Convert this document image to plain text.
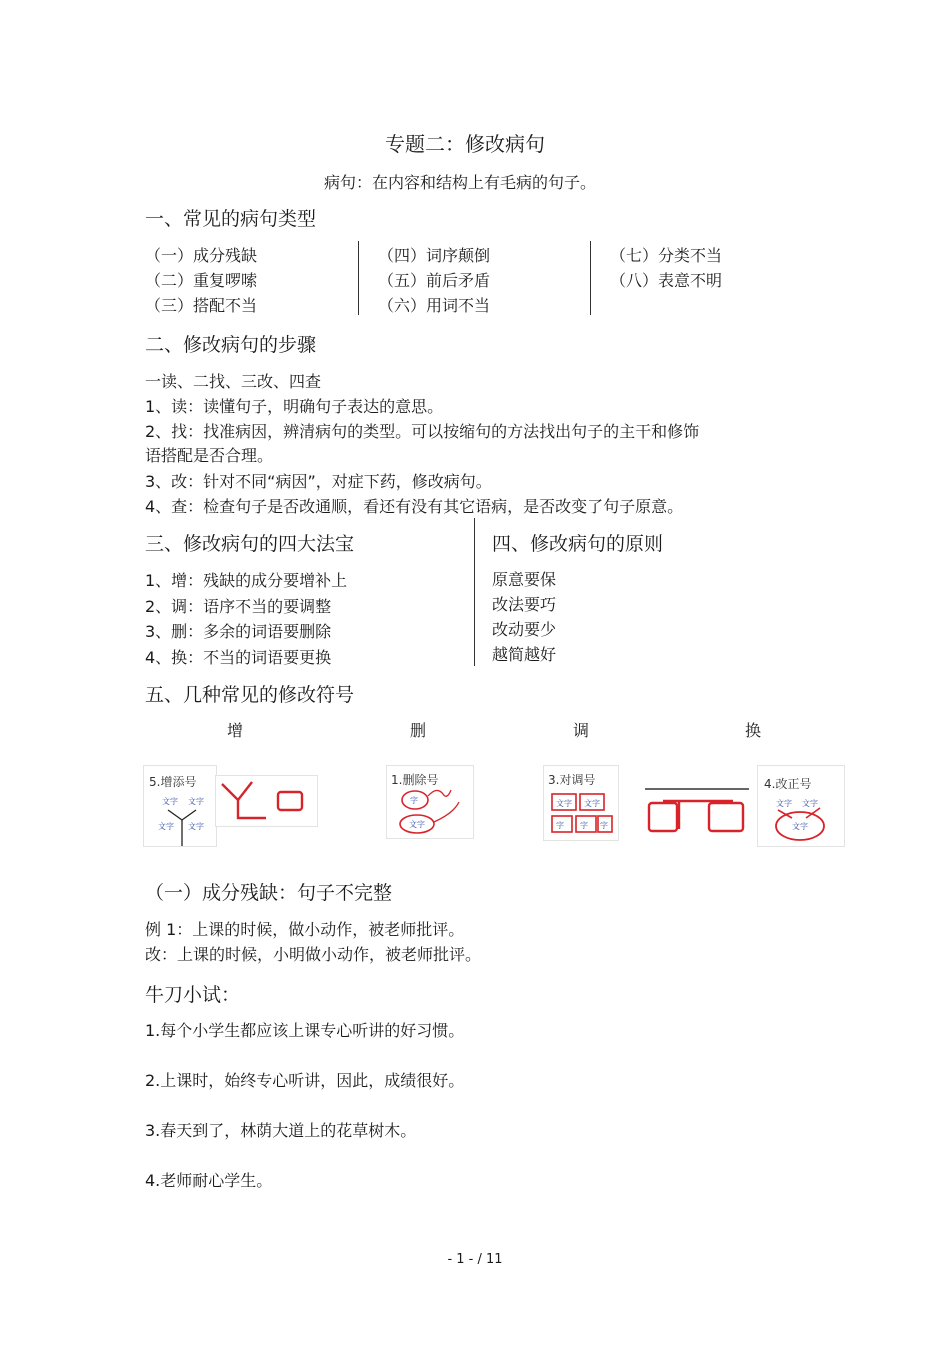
专题二：修改病句
病句：在内容和结构上有毛病的句子。
一、常见的病句类型
（一）成分残缺
（二）重复啰嗦
（三）搭配不当
（四）词序颠倒
（五）前后矛盾
（六）用词不当
（七）分类不当
（八）表意不明
二、修改病句的步骤
一读、二找、三改、四查
1、读：读懂句子，明确句子表达的意思。
2、找：找准病因，辨清病句的类型。可以按缩句的方法找出句子的主干和修饰
语搭配是否合理。
3、改：针对不同“病因”，对症下药，修改病句。
4、查：检查句子是否改通顺，看还有没有其它语病，是否改变了句子原意。
三、修改病句的四大法宝
1、增：残缺的成分要增补上
2、调：语序不当的要调整
3、删：多余的词语要删除
4、换：不当的词语要更换
四、修改病句的原则
原意要保
改法要巧
改动要少
越简越好
五、几种常见的修改符号
增	删	调	换
5.增添号
文字 文字
文字 文字
1.删除号
字
文字
3.对调号
文字 文字
字 字 字
4.改正号
文字 文字
文字
（一）成分残缺：句子不完整
例 1：上课的时候，做小动作，被老师批评。
改：上课的时候，小明做小动作，被老师批评。
牛刀小试：
1.每个小学生都应该上课专心听讲的好习惯。
2.上课时，始终专心听讲，因此，成绩很好。
3.春天到了，林荫大道上的花草树木。
4.老师耐心学生。
- 1 - / 11
